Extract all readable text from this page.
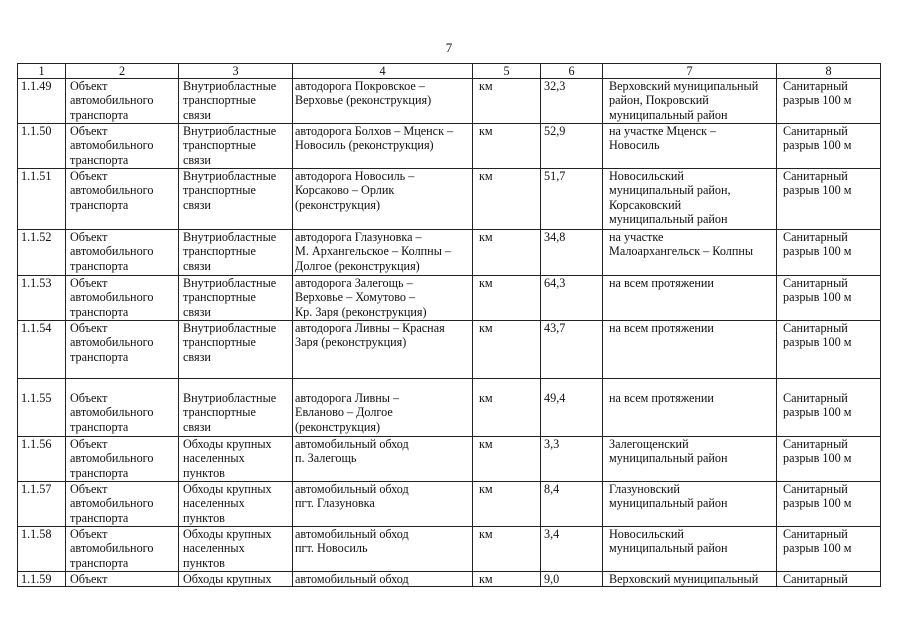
7
1	2	3	4	5	6	7	8
1.1.49	Объект
автомобильного
транспорта	Внутриобластные
транспортные
связи	автодорога Покровское –
Верховье (реконструкция)	км	32,3	Верховский муниципальный
район, Покровский
муниципальный район	Санитарный
разрыв 100 м
1.1.50	Объект
автомобильного
транспорта	Внутриобластные
транспортные
связи	автодорога Болхов – Мценск –
Новосиль (реконструкция)	км	52,9	на участке Мценск –
Новосиль	Санитарный
разрыв 100 м
1.1.51	Объект
автомобильного
транспорта	Внутриобластные
транспортные
связи	автодорога Новосиль –
Корсаково – Орлик
(реконструкция)	км	51,7	Новосильский
муниципальный район,
Корсаковский
муниципальный район	Санитарный
разрыв 100 м
1.1.52	Объект
автомобильного
транспорта	Внутриобластные
транспортные
связи	автодорога Глазуновка –
М. Архангельское – Колпны –
Долгое (реконструкция)	км	34,8	на участке
Малоархангельск – Колпны	Санитарный
разрыв 100 м
1.1.53	Объект
автомобильного
транспорта	Внутриобластные
транспортные
связи	автодорога Залегощь –
Верховье – Хомутово –
Кр. Заря (реконструкция)	км	64,3	на всем протяжении	Санитарный
разрыв 100 м
1.1.54	Объект
автомобильного
транспорта	Внутриобластные
транспортные
связи	автодорога Ливны – Красная
Заря (реконструкция)	км	43,7	на всем протяжении	Санитарный
разрыв 100 м
1.1.55	Объект
автомобильного
транспорта	Внутриобластные
транспортные
связи	автодорога Ливны –
Евланово – Долгое
(реконструкция)	км	49,4	на всем протяжении	Санитарный
разрыв 100 м
1.1.56	Объект
автомобильного
транспорта	Обходы крупных
населенных
пунктов	автомобильный обход
п. Залегощь	км	3,3	Залегощенский
муниципальный район	Санитарный
разрыв 100 м
1.1.57	Объект
автомобильного
транспорта	Обходы крупных
населенных
пунктов	автомобильный обход
пгт. Глазуновка	км	8,4	Глазуновский
муниципальный район	Санитарный
разрыв 100 м
1.1.58	Объект
автомобильного
транспорта	Обходы крупных
населенных
пунктов	автомобильный обход
пгт. Новосиль	км	3,4	Новосильский
муниципальный район	Санитарный
разрыв 100 м
1.1.59	Объект	Обходы крупных	автомобильный обход	км	9,0	Верховский муниципальный	Санитарный
